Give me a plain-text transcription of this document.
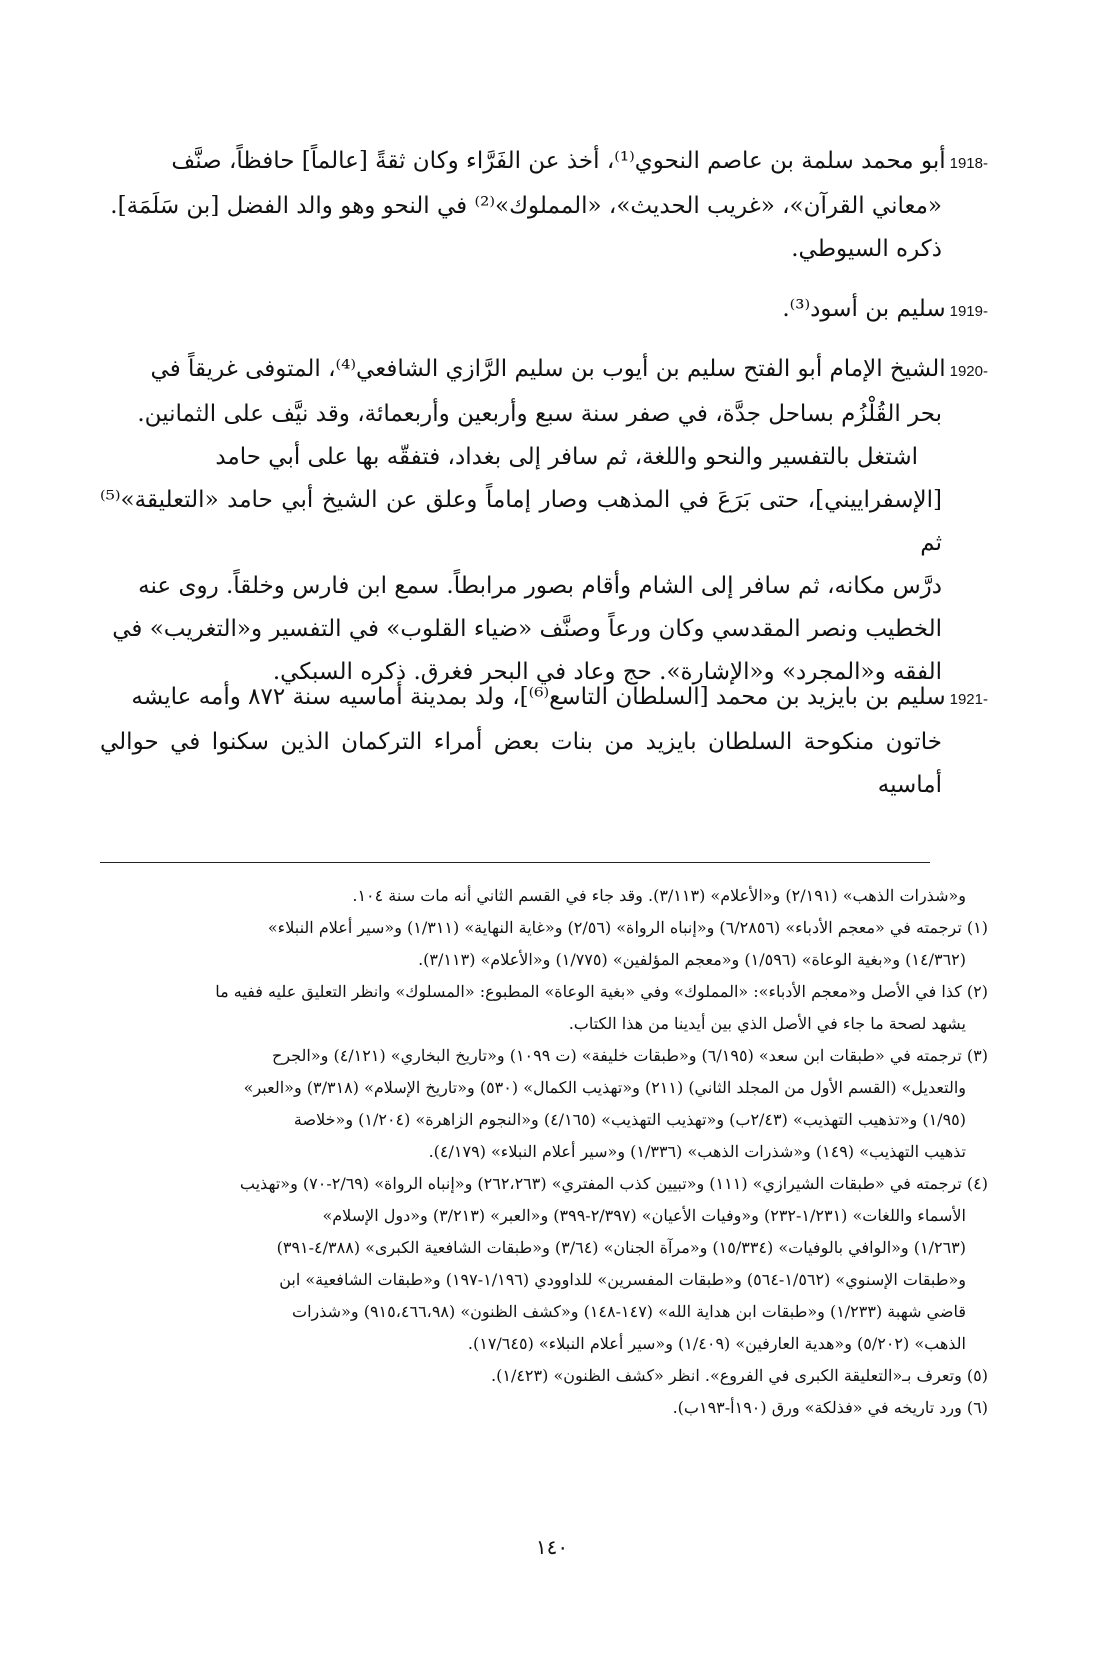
1918-أبو محمد سلمة بن عاصم النحوي⁽¹⁾، أخذ عن الفَرَّاء وكان ثقةً [عالماً] حافظاً، صنَّف

«معاني القرآن»، «غريب الحديث»، «المملوك»⁽²⁾ في النحو وهو والد الفضل [بن سَلَمَة].

ذكره السيوطي.

1919-سليم بن أسود⁽³⁾.

1920-الشيخ الإمام أبو الفتح سليم بن أيوب بن سليم الرَّازي الشافعي⁽⁴⁾، المتوفى غريقاً في

بحر القُلْزُم بساحل جدَّة، في صفر سنة سبع وأربعين وأربعمائة، وقد نيَّف على الثمانين.

اشتغل بالتفسير والنحو واللغة، ثم سافر إلى بغداد، فتفقّه بها على أبي حامد

[الإسفراييني]، حتى بَرَعَ في المذهب وصار إماماً وعلق عن الشيخ أبي حامد «التعليقة»⁽⁵⁾ ثم

درَّس مكانه، ثم سافر إلى الشام وأقام بصور مرابطاً. سمع ابن فارس وخلقاً. روى عنه

الخطيب ونصر المقدسي وكان ورعاً وصنَّف «ضياء القلوب» في التفسير و«التغريب» في

الفقه و«المجرد» و«الإشارة». حج وعاد في البحر فغرق. ذكره السبكي.

1921-سليم بن بايزيد بن محمد [السلطان التاسع⁽⁶⁾]، ولد بمدينة أماسيه سنة ٨٧٢ وأمه عايشه

خاتون منكوحة السلطان بايزيد من بنات بعض أمراء التركمان الذين سكنوا في حوالي أماسيه

و«شذرات الذهب» (٢/١٩١) و«الأعلام» (٣/١١٣). وقد جاء في القسم الثاني أنه مات سنة ١٠٤.

(١) ترجمته في «معجم الأدباء» (٦/٢٨٥٦) و«إنباه الرواة» (٢/٥٦) و«غاية النهاية» (١/٣١١) و«سير أعلام النبلاء»

(١٤/٣٦٢) و«بغية الوعاة» (١/٥٩٦) و«معجم المؤلفين» (١/٧٧٥) و«الأعلام» (٣/١١٣).

(٢) كذا في الأصل و«معجم الأدباء»: «المملوك» وفي «بغية الوعاة» المطبوع: «المسلوك» وانظر التعليق عليه ففيه ما

يشهد لصحة ما جاء في الأصل الذي بين أيدينا من هذا الكتاب.

(٣) ترجمته في «طبقات ابن سعد» (٦/١٩٥) و«طبقات خليفة» (ت ١٠٩٩) و«تاريخ البخاري» (٤/١٢١) و«الجرح

والتعديل» (القسم الأول من المجلد الثاني) (٢١١) و«تهذيب الكمال» (٥٣٠) و«تاريخ الإسلام» (٣/٣١٨) و«العبر»

(١/٩٥) و«تذهيب التهذيب» (٢/٤٣ب) و«تهذيب التهذيب» (٤/١٦٥) و«النجوم الزاهرة» (١/٢٠٤) و«خلاصة

تذهيب التهذيب» (١٤٩) و«شذرات الذهب» (١/٣٣٦) و«سير أعلام النبلاء» (٤/١٧٩).

(٤) ترجمته في «طبقات الشيرازي» (١١١) و«تبيين كذب المفتري» (٢٦٢،٢٦٣) و«إنباه الرواة» (٢/٦٩-٧٠) و«تهذيب

الأسماء واللغات» (١/٢٣١-٢٣٢) و«وفيات الأعيان» (٢/٣٩٧-٣٩٩) و«العبر» (٣/٢١٣) و«دول الإسلام»

(١/٢٦٣) و«الوافي بالوفيات» (١٥/٣٣٤) و«مرآة الجنان» (٣/٦٤) و«طبقات الشافعية الكبرى» (٤/٣٨٨-٣٩١)

و«طبقات الإسنوي» (١/٥٦٢-٥٦٤) و«طبقات المفسرين» للداوودي (١/١٩٦-١٩٧) و«طبقات الشافعية» ابن

قاضي شهبة (١/٢٣٣) و«طبقات ابن هداية الله» (١٤٧-١٤٨) و«كشف الظنون» (٩١٥،٤٦٦،٩٨) و«شذرات

الذهب» (٥/٢٠٢) و«هدية العارفين» (١/٤٠٩) و«سير أعلام النبلاء» (١٧/٦٤٥).

(٥) وتعرف بـ«التعليقة الكبرى في الفروع». انظر «كشف الظنون» (١/٤٢٣).

(٦) ورد تاريخه في «فذلكة» ورق (١٩٠أ-١٩٣ب).

١٤٠
